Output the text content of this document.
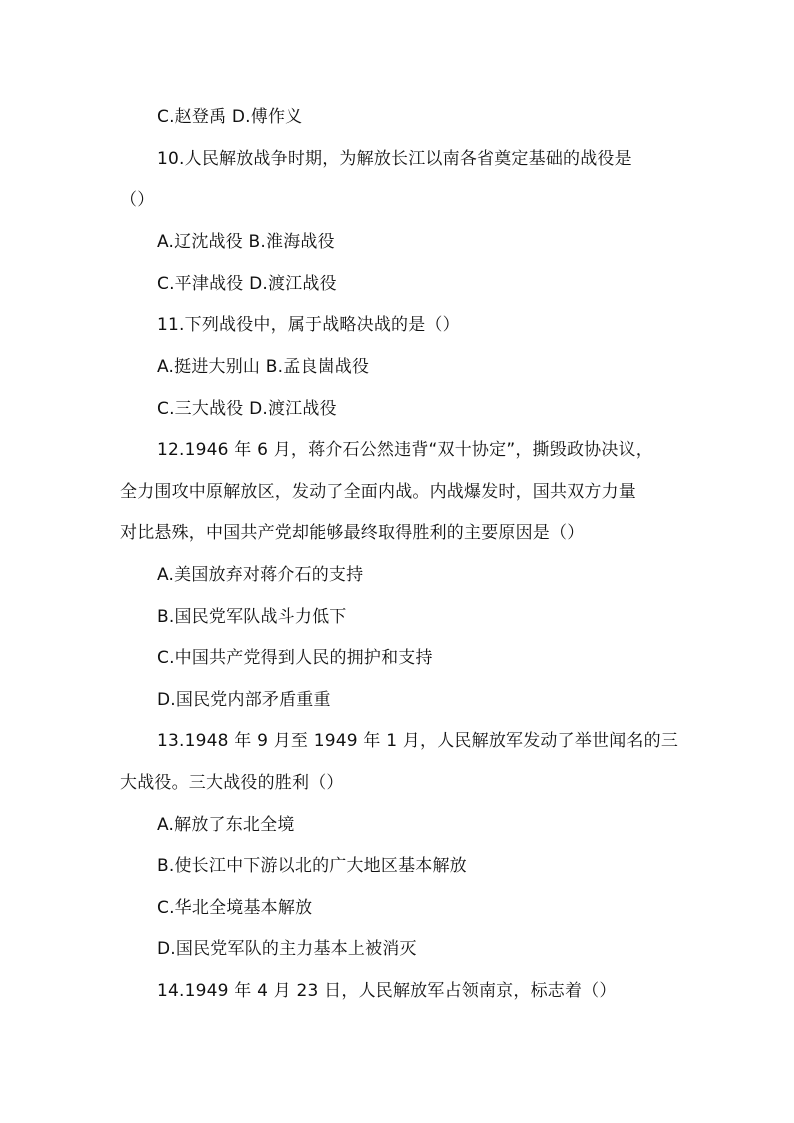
C.赵登禹 D.傅作义
10.人民解放战争时期，为解放长江以南各省奠定基础的战役是
（）
A.辽沈战役 B.淮海战役
C.平津战役 D.渡江战役
11.下列战役中，属于战略决战的是（）
A.挺进大别山 B.孟良崮战役
C.三大战役 D.渡江战役
12.1946 年 6 月，蒋介石公然违背“双十协定”，撕毁政协决议，
全力围攻中原解放区，发动了全面内战。内战爆发时，国共双方力量
对比悬殊，中国共产党却能够最终取得胜利的主要原因是（）
A.美国放弃对蒋介石的支持
B.国民党军队战斗力低下
C.中国共产党得到人民的拥护和支持
D.国民党内部矛盾重重
13.1948 年 9 月至 1949 年 1 月，人民解放军发动了举世闻名的三
大战役。三大战役的胜利（）
A.解放了东北全境
B.使长江中下游以北的广大地区基本解放
C.华北全境基本解放
D.国民党军队的主力基本上被消灭
14.1949 年 4 月 23 日，人民解放军占领南京，标志着（）
